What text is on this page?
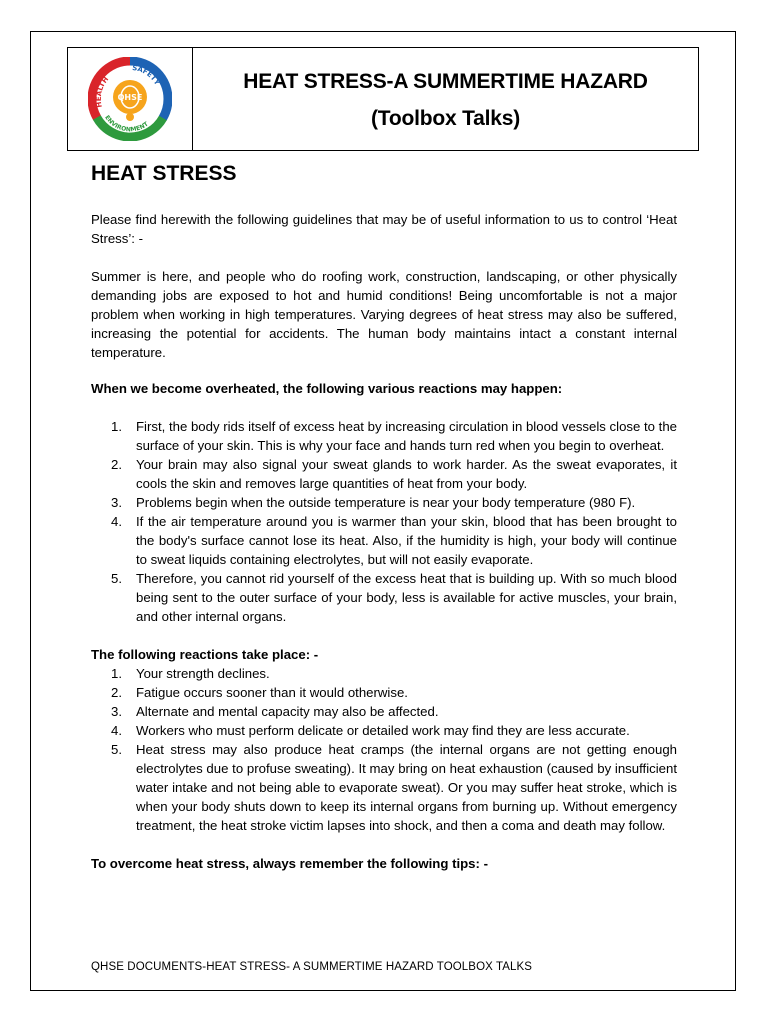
HEALTH
SAFETY
ENVIRONMENT
QHSE
HEAT STRESS-A SUMMERTIME HAZARD
(Toolbox Talks)
HEAT STRESS

Please find herewith the following guidelines that may be of useful information to us to control ‘Heat Stress’: -

Summer is here, and people who do roofing work, construction, landscaping, or other physically demanding jobs are exposed to hot and humid conditions! Being uncomfortable is not a major problem when working in high temperatures. Varying degrees of heat stress may also be suffered, increasing the potential for accidents. The human body maintains intact a constant internal temperature.

When we become overheated, the following various reactions may happen:

1. First, the body rids itself of excess heat by increasing circulation in blood vessels close to the surface of your skin. This is why your face and hands turn red when you begin to overheat.
2. Your brain may also signal your sweat glands to work harder. As the sweat evaporates, it cools the skin and removes large quantities of heat from your body.
3. Problems begin when the outside temperature is near your body temperature (980 F).
4. If the air temperature around you is warmer than your skin, blood that has been brought to the body's surface cannot lose its heat. Also, if the humidity is high, your body will continue to sweat liquids containing electrolytes, but will not easily evaporate.
5. Therefore, you cannot rid yourself of the excess heat that is building up. With so much blood being sent to the outer surface of your body, less is available for active muscles, your brain, and other internal organs.

The following reactions take place: -

1. Your strength declines.
2. Fatigue occurs sooner than it would otherwise.
3. Alternate and mental capacity may also be affected.
4. Workers who must perform delicate or detailed work may find they are less accurate.
5. Heat stress may also produce heat cramps (the internal organs are not getting enough electrolytes due to profuse sweating). It may bring on heat exhaustion (caused by insufficient water intake and not being able to evaporate sweat). Or you may suffer heat stroke, which is when your body shuts down to keep its internal organs from burning up. Without emergency treatment, the heat stroke victim lapses into shock, and then a coma and death may follow.

To overcome heat stress, always remember the following tips: -

QHSE DOCUMENTS-HEAT STRESS- A SUMMERTIME HAZARD TOOLBOX TALKS
